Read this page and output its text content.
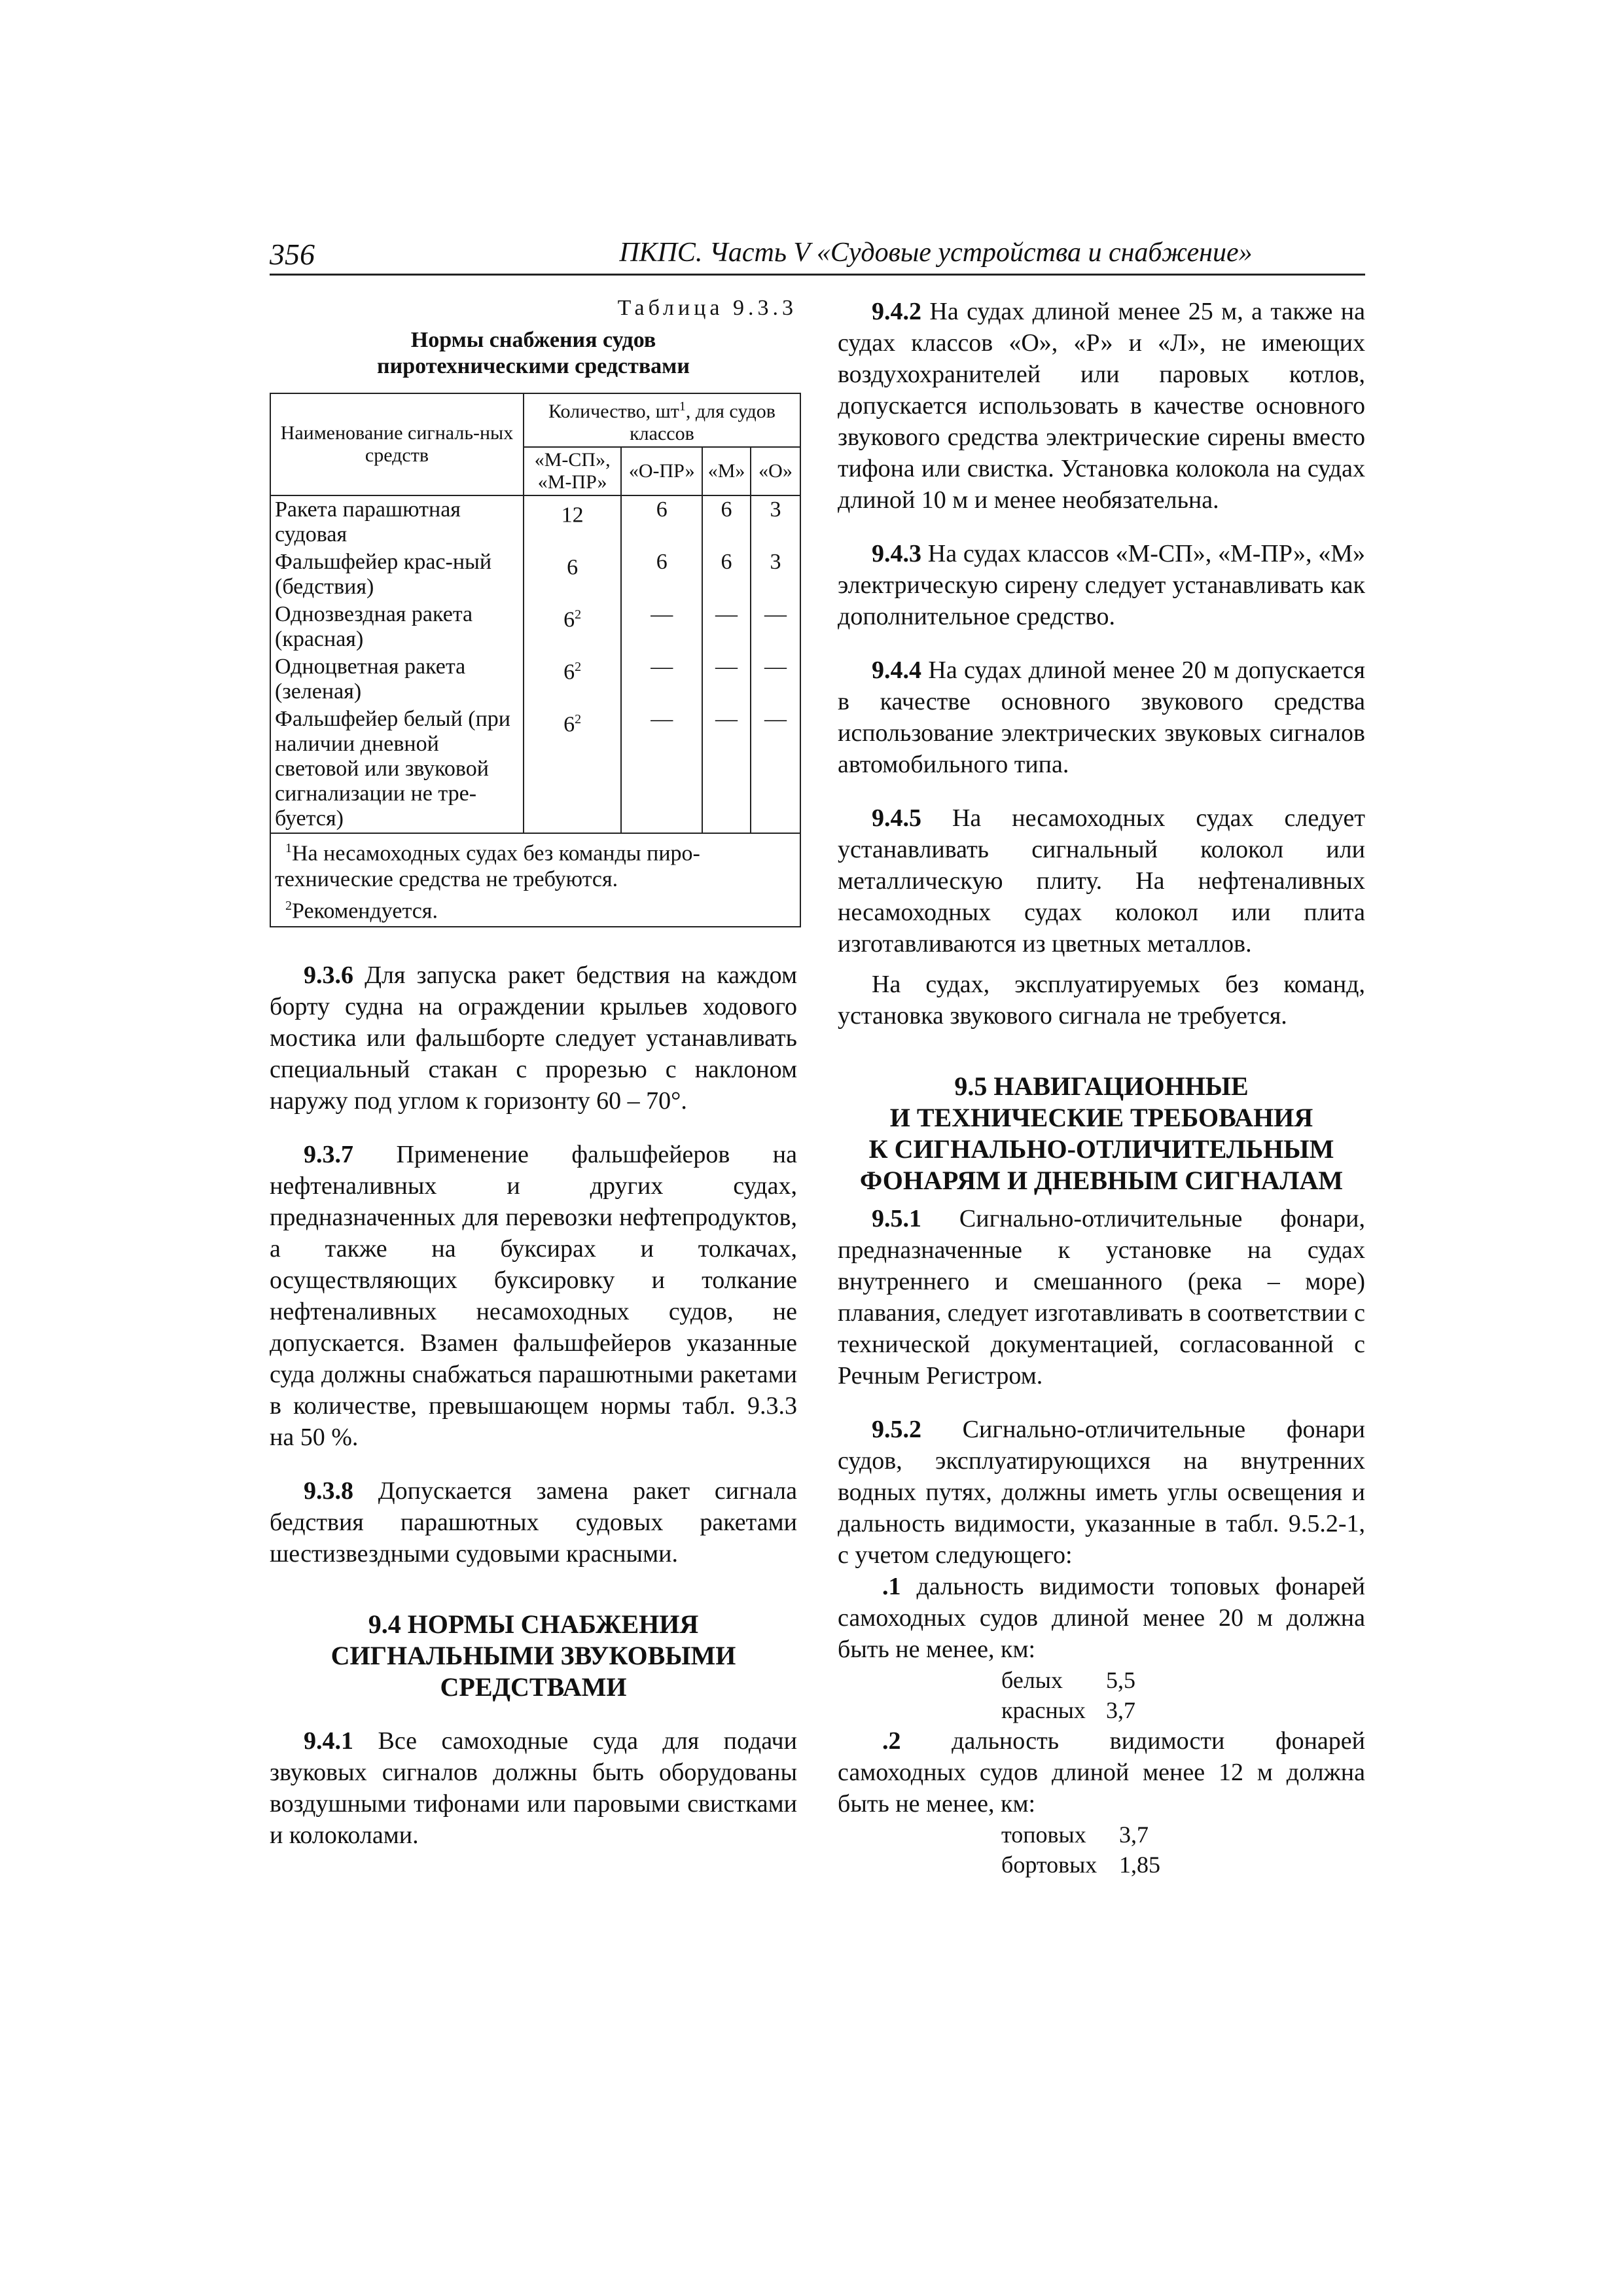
356	ПКПС. Часть V «Судовые устройства и снабжение»
Таблица 9.3.3
Нормы снабжения судов
пиротехническими средствами
Наименование сигналь-ных средств	Количество, $шт^1$, для судов классов			
	«М-СП», «М-ПР»	«О-ПР»	«М»	«О»
Ракета парашютная судовая	12	6	6	3
Фальшфейер крас-ный (бедствия)	6	6	6	3
Однозвездная ракета (красная)	$6^2$	—	—	—
Одноцветная ракета (зеленая)	$6^2$	—	—	—
Фальшфейер белый (при наличии дневной световой или звуковой сигнализации не тре-буется)	$6^2$	—	—	—

$^1$На несамоходных судах без команды пиро-технические средства не требуются.
$^2$Рекомендуется.				

9.3.6 Для запуска ракет бедствия на каждом борту судна на ограждении крыльев ходового мостика или фальшборте следует устанавливать специальный стакан с прорезью с наклоном наружу под углом к горизонту 60 – 70°.

9.3.7 Применение фальшфейеров на нефтеналивных и других судах, предназначенных для перевозки нефтепродуктов, а также на буксирах и толкачах, осуществляющих буксировку и толкание нефтеналивных несамоходных судов, не допускается. Взамен фальшфейеров указанные суда должны снабжаться парашютными ракетами в количестве, превышающем нормы табл. 9.3.3 на 50 %.

9.3.8 Допускается замена ракет сигнала бедствия парашютных судовых ракетами шестизвездными судовыми красными.

9.4 НОРМЫ СНАБЖЕНИЯ
СИГНАЛЬНЫМИ ЗВУКОВЫМИ
СРЕДСТВАМИ

9.4.1 Все самоходные суда для подачи звуковых сигналов должны быть оборудованы воздушными тифонами или паровыми свистками и колоколами.

9.4.2 На судах длиной менее 25 м, а также на судах классов «О», «Р» и «Л», не имеющих воздухохранителей или паровых котлов, допускается использовать в качестве основного звукового средства электрические сирены вместо тифона или свистка. Установка колокола на судах длиной 10 м и менее необязательна.

9.4.3 На судах классов «М-СП», «М-ПР», «М» электрическую сирену следует устанавливать как дополнительное средство.

9.4.4 На судах длиной менее 20 м допускается в качестве основного звукового средства использование электрических звуковых сигналов автомобильного типа.

9.4.5 На несамоходных судах следует устанавливать сигнальный колокол или металлическую плиту. На нефтеналивных несамоходных судах колокол или плита изготавливаются из цветных металлов.

На судах, эксплуатируемых без команд, установка звукового сигнала не требуется.

9.5 НАВИГАЦИОННЫЕ
И ТЕХНИЧЕСКИЕ ТРЕБОВАНИЯ
К СИГНАЛЬНО-ОТЛИЧИТЕЛЬНЫМ
ФОНАРЯМ И ДНЕВНЫМ СИГНАЛАМ

9.5.1 Сигнально-отличительные фонари, предназначенные к установке на судах внутреннего и смешанного (река – море) плавания, следует изготавливать в соответствии с технической документацией, согласованной с Речным Регистром.

9.5.2 Сигнально-отличительные фонари судов, эксплуатирующихся на внутренних водных путях, должны иметь углы освещения и дальность видимости, указанные в табл. 9.5.2-1, с учетом следующего:

.1 дальность видимости топовых фонарей самоходных судов длиной менее 20 м должна быть не менее, км:

белых	5,5
красных 3,7

.2 дальность видимости фонарей самоходных судов длиной менее 12 м должна быть не менее, км:

топовых	3,7
бортовых 1,85
